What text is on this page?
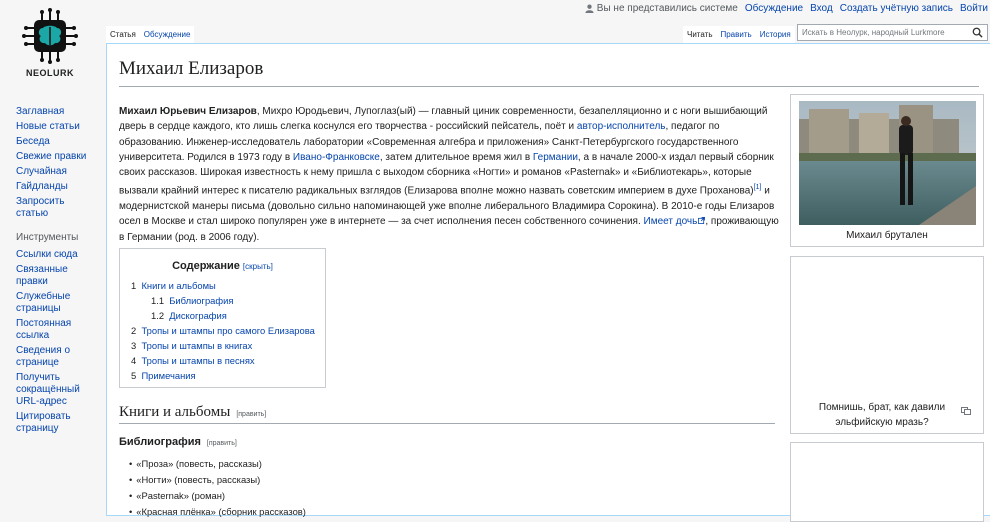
Вы не представились системе Обсуждение Вход Создать учётную запись Войти
NEOLURK
Заглавная
Новые статьи
Беседа
Свежие правки
Случайная
Гайдланды
Запросить статью
Инструменты
Ссылки сюда
Связанные правки
Служебные страницы
Постоянная ссылка
Сведения о странице
Получить сокращённый URL-адрес
Цитировать страницу
Статья	Обсуждение	Читать	Править	История	Искать в Неолурк, народный Lurkmore
Михаил Елизаров

Михаил Юрьевич Елизаров, Михро Юродьевич, Лупоглаз(ый) — главный циник современности, безапелляционно и с ноги вышибающий дверь в сердце каждого, кто лишь слегка коснулся его творчества - российский пейсатель, поёт и автор-исполнитель, педагог по образованию. Инженер-исследователь лаборатории «Современная алгебра и приложения» Санкт-Петербургского государственного университета. Родился в 1973 году в Ивано-Франковске, затем длительное время жил в Германии, а в начале 2000-х издал первый сборник своих рассказов. Широкая известность к нему пришла с выходом сборника «Ногти» и романов «Pasternak» и «Библиотекарь», которые вызвали крайний интерес к писателю радикальных взглядов (Елизарова вполне можно назвать советским империем в духе Проханова)[1] и модернистской манеры письма (довольно сильно напоминающей уже вполне либерального Владимира Сорокина). В 2010-е годы Елизаров осел в Москве и стал широко популярен уже в интернете — за счет исполнения песен собственного сочинения. Имеет дочь , проживающую в Германии (род. в 2006 году).

Содержание [скрыть]
1 Книги и альбомы
1.1 Библиография
1.2 Дискография
2 Тропы и штампы про самого Елизарова
3 Тропы и штампы в книгах
4 Тропы и штампы в песнях
5 Примечания
Книги и альбомы [править]
Библиография [править]
• «Проза» (повесть, рассказы)
• «Ногти» (повесть, рассказы)
• «Pasternak» (роман)
• «Красная плёнка» (сборник рассказов)
Михаил брутален
Помнишь, брат, как давили эльфийскую мразь?
